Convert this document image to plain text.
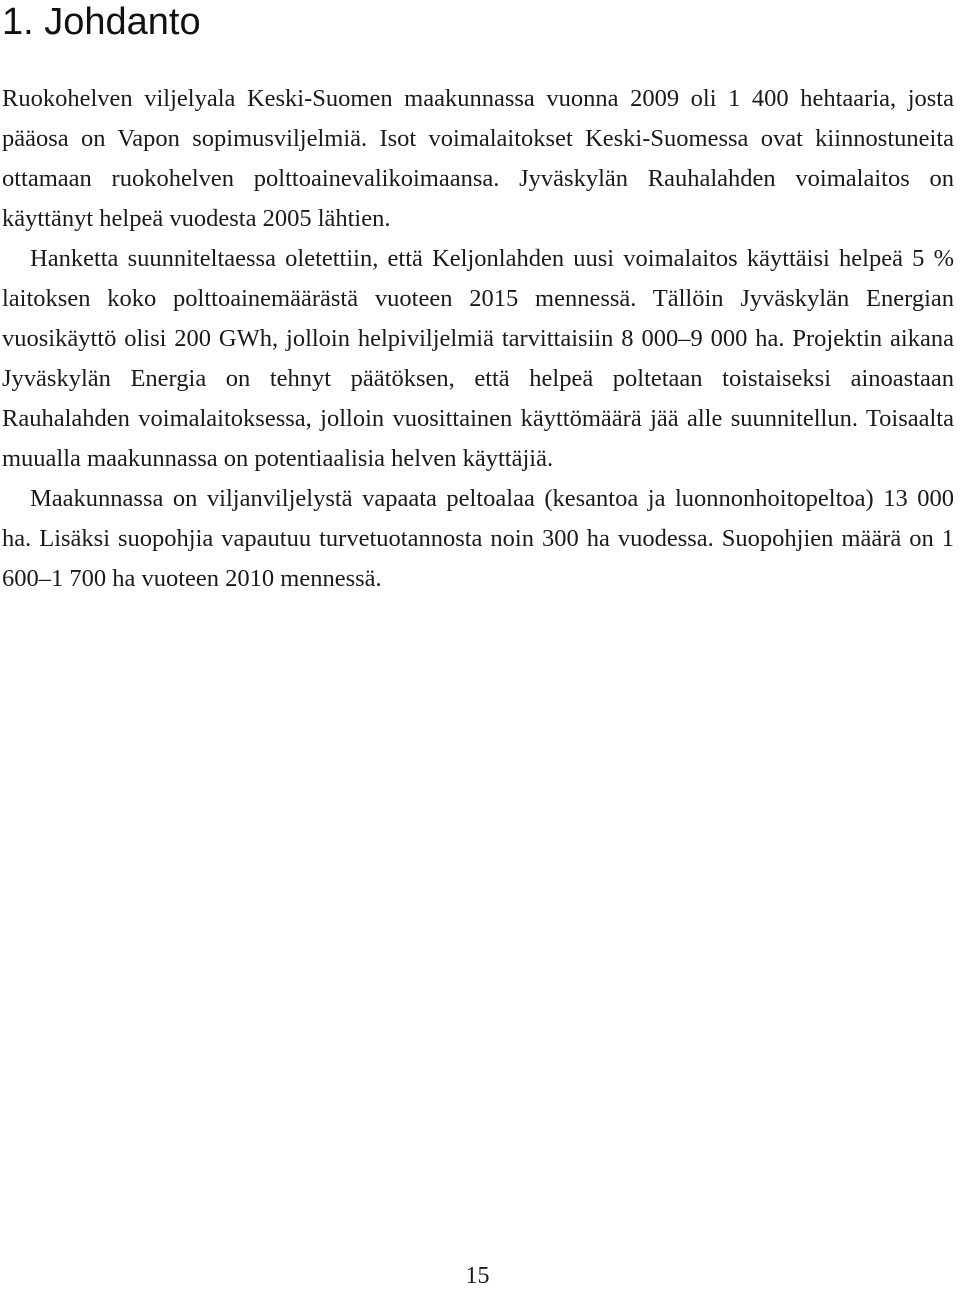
1. Johdanto

Ruokohelven viljelyala Keski-Suomen maakunnassa vuonna 2009 oli 1 400 hehtaaria, josta pääosa on Vapon sopimusviljelmiä. Isot voimalaitokset Keski-Suomessa ovat kiinnostuneita ottamaan ruokohelven polttoainevalikoimaansa. Jyväskylän Rauhalahden voimalaitos on käyttänyt helpeä vuodesta 2005 lähtien.

Hanketta suunniteltaessa oletettiin, että Keljonlahden uusi voimalaitos käyttäisi helpeä 5 % laitoksen koko polttoainemäärästä vuoteen 2015 mennessä. Tällöin Jyväskylän Energian vuosikäyttö olisi 200 GWh, jolloin helpiviljelmiä tarvittaisiin 8 000–9 000 ha. Projektin aikana Jyväskylän Energia on tehnyt päätöksen, että helpeä poltetaan toistaiseksi ainoastaan Rauhalahden voimalaitoksessa, jolloin vuosittainen käyttömäärä jää alle suunnitellun. Toisaalta muualla maakunnassa on potentiaalisia helven käyttäjiä.

Maakunnassa on viljanviljelystä vapaata peltoalaa (kesantoa ja luonnonhoitopeltoa) 13 000 ha. Lisäksi suopohjia vapautuu turvetuotannosta noin 300 ha vuodessa. Suopohjien määrä on 1 600–1 700 ha vuoteen 2010 mennessä.

15
